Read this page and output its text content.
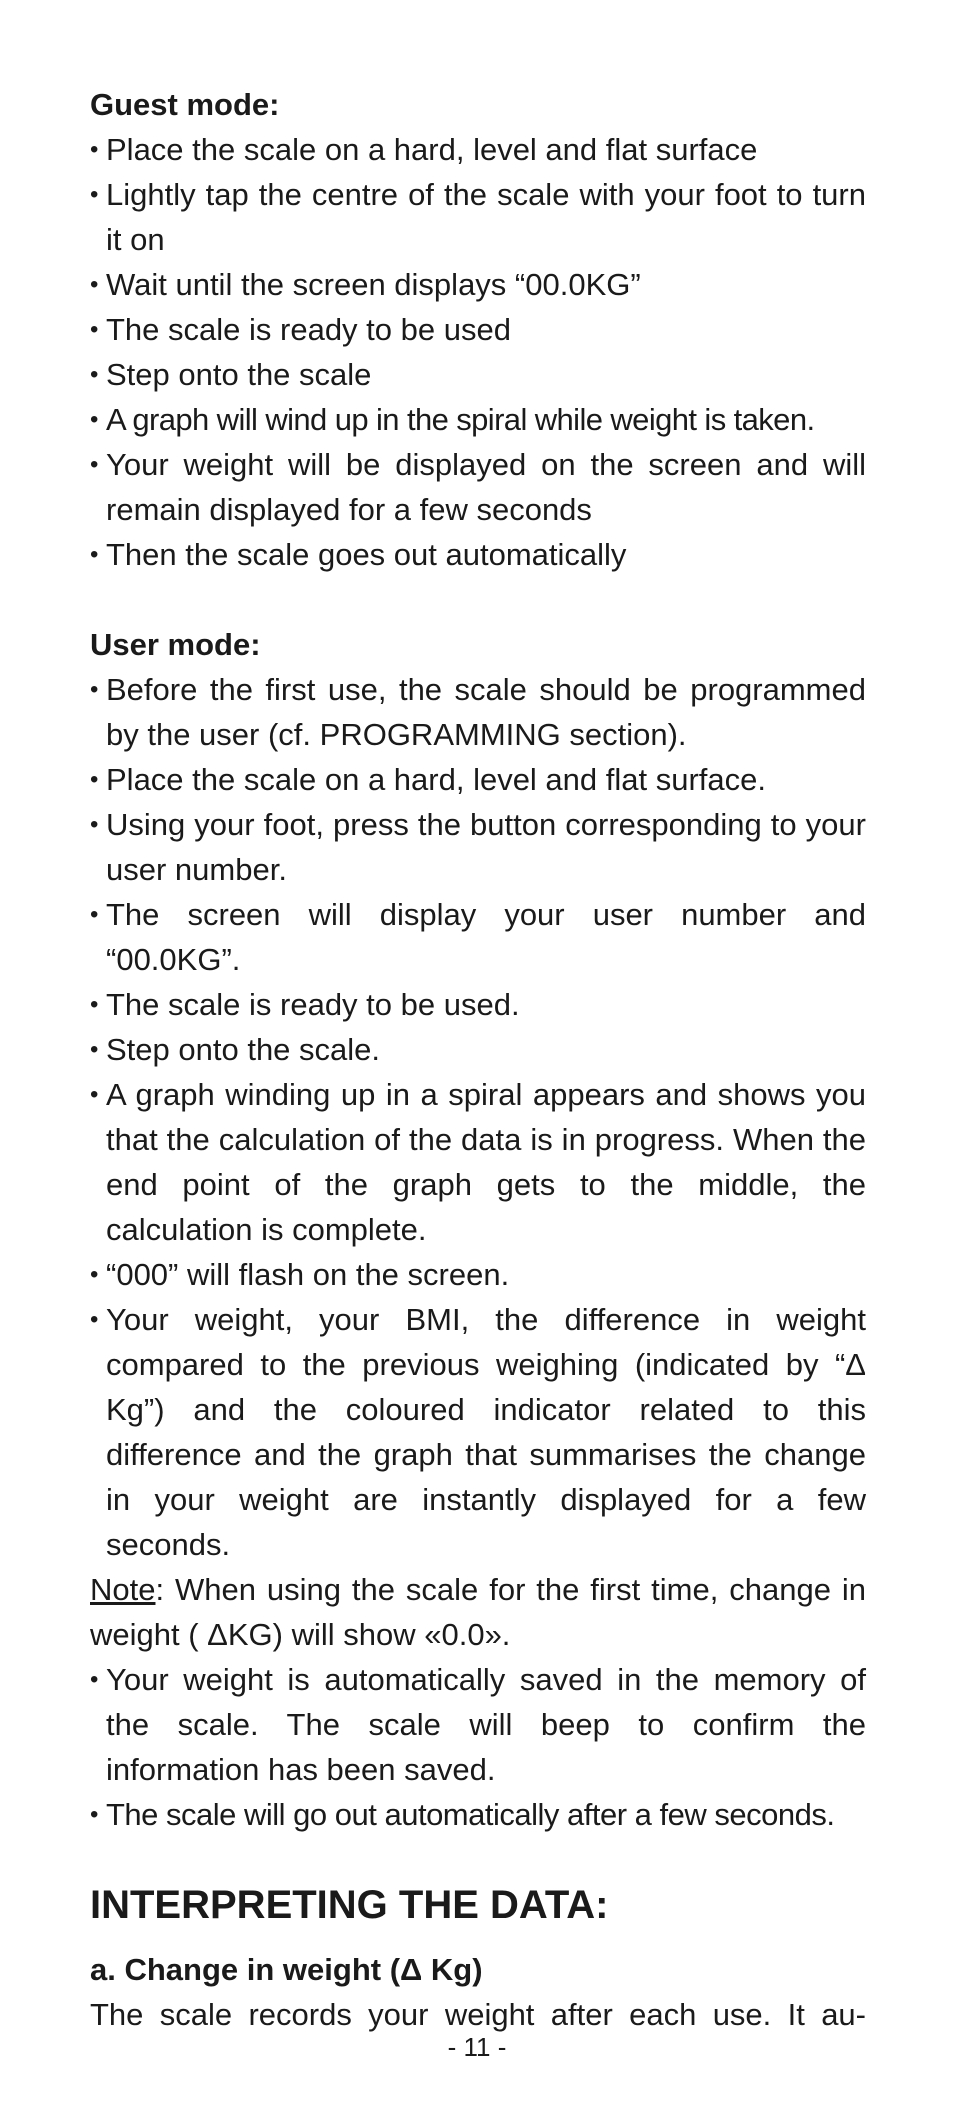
Guest mode:

• Place the scale on a hard, level and flat surface
• Lightly tap the centre of the scale with your foot to turn it on
• Wait until the screen displays “00.0KG”
• The scale is ready to be used
• Step onto the scale
• A graph will wind up in the spiral while weight is taken.
• Your weight will be displayed on the screen and will remain displayed for a few seconds
• Then the scale goes out automatically

User mode:

• Before the first use, the scale should be programmed by the user (cf. PROGRAMMING section).
• Place the scale on a hard, level and flat surface.
• Using your foot, press the button corresponding to your user number.
• The screen will display your user number and “00.0KG”.
• The scale is ready to be used.
• Step onto the scale.
• A graph winding up in a spiral appears and shows you that the calculation of the data is in progress. When the end point of the graph gets to the middle, the calculation is complete.
• “000” will flash on the screen.
• Your weight, your BMI, the difference in weight compared to the previous weighing (indicated by “Δ Kg”) and the coloured indicator related to this difference and the graph that summarises the change in your weight are instantly displayed for a few seconds.

Note: When using the scale for the first time, change in weight ( ΔKG) will show «0.0».

• Your weight is automatically saved in the memory of the scale. The scale will beep to confirm the information has been saved.
• The scale will go out automatically after a few seconds.
INTERPRETING THE DATA:

a. Change in weight (Δ Kg)

The scale records your weight after each use. It au-

- 11 -
